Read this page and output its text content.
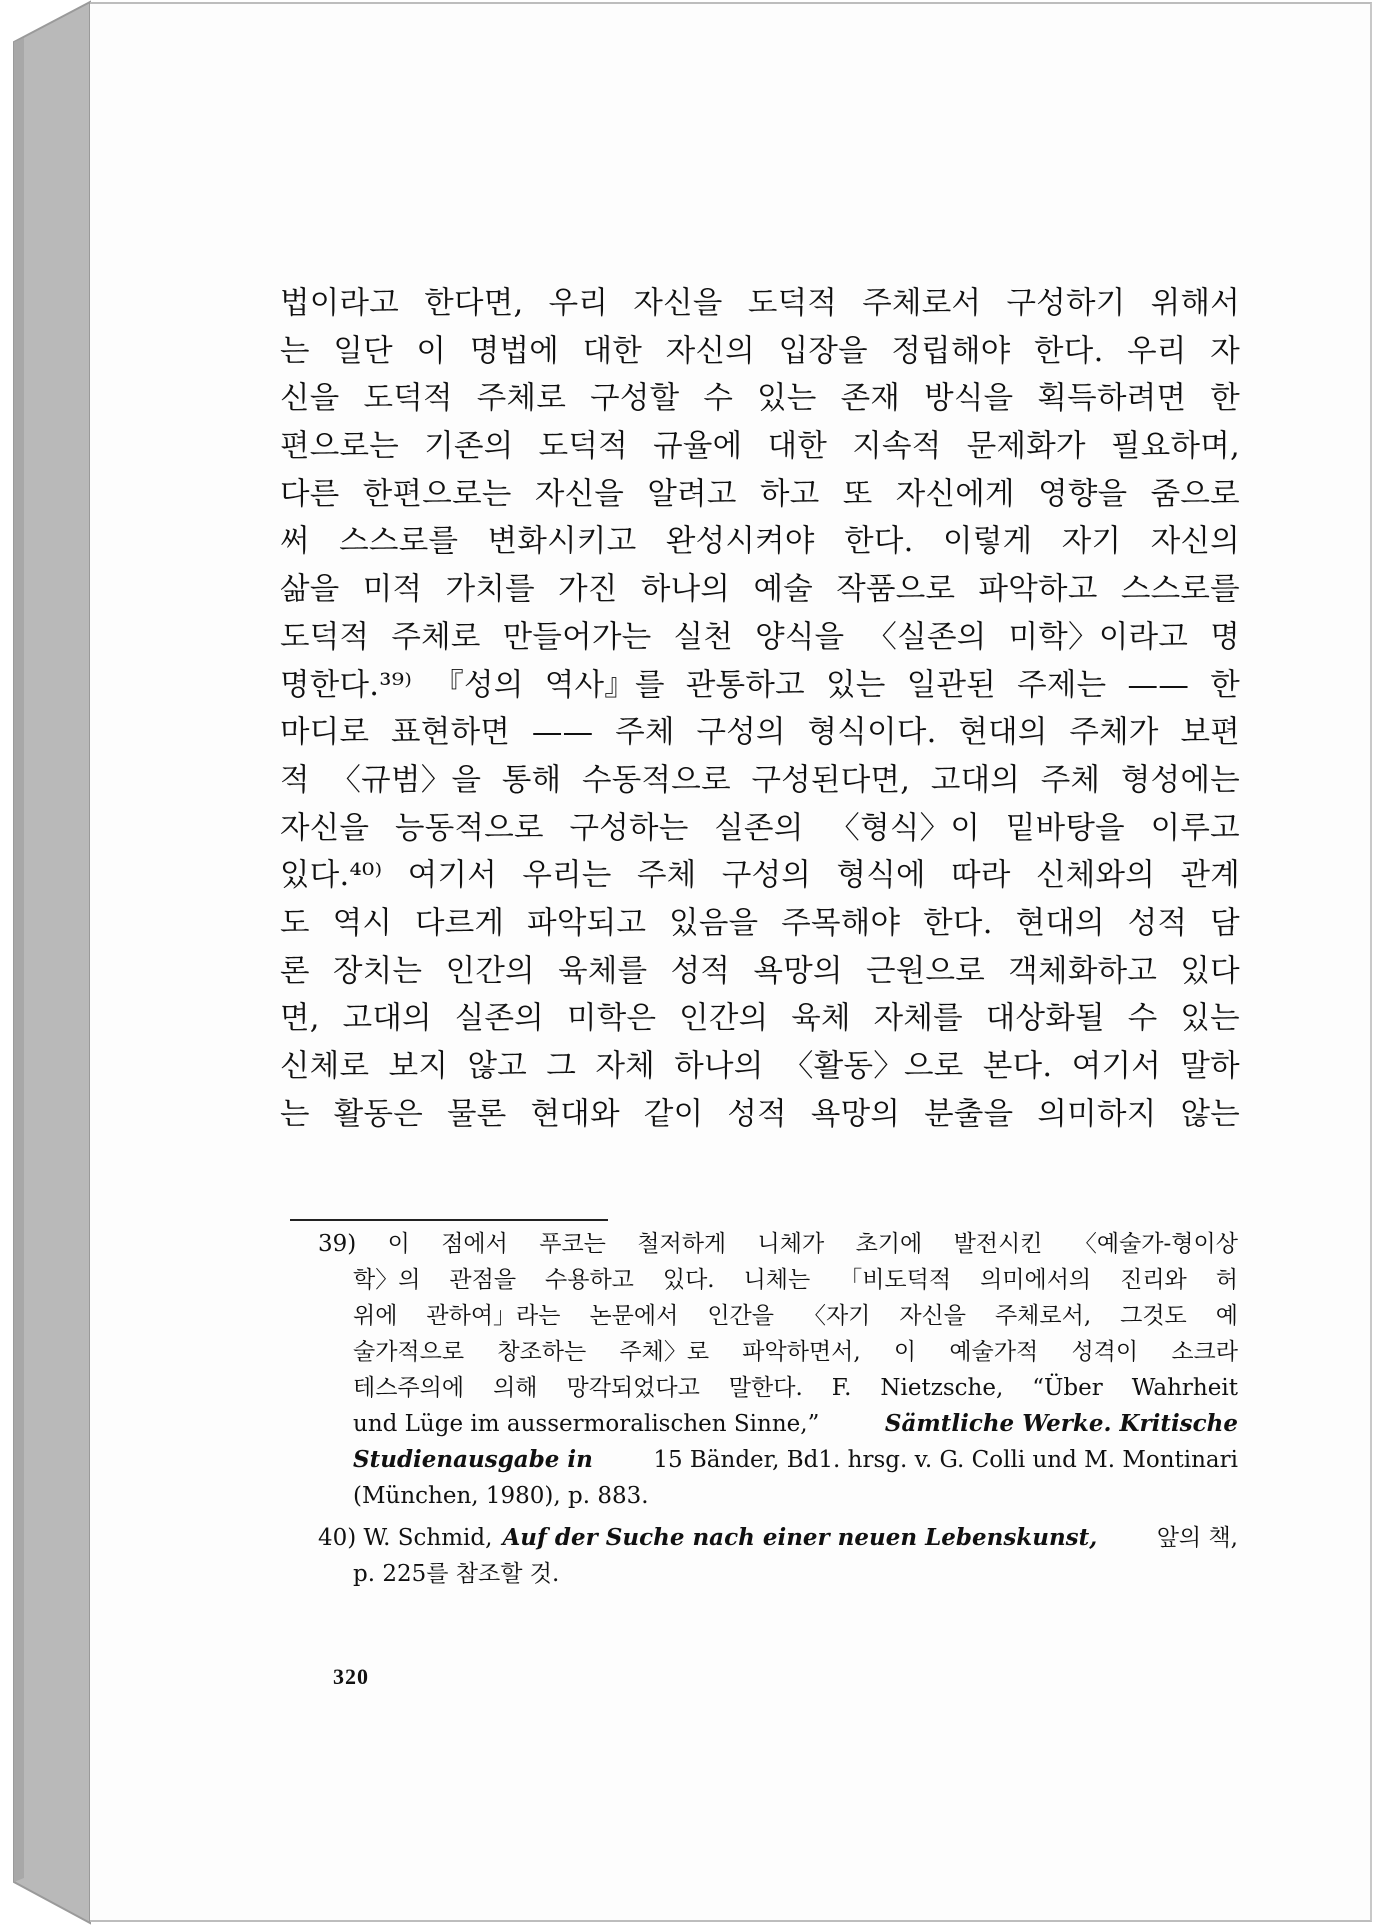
법이라고 한다면, 우리 자신을 도덕적 주체로서 구성하기 위해서
는 일단 이 명법에 대한 자신의 입장을 정립해야 한다. 우리 자
신을 도덕적 주체로 구성할 수 있는 존재 방식을 획득하려면 한
편으로는 기존의 도덕적 규율에 대한 지속적 문제화가 필요하며,
다른 한편으로는 자신을 알려고 하고 또 자신에게 영향을 줌으로
써 스스로를 변화시키고 완성시켜야 한다. 이렇게 자기 자신의
삶을 미적 가치를 가진 하나의 예술 작품으로 파악하고 스스로를
도덕적 주체로 만들어가는 실천 양식을 〈실존의 미학〉이라고 명
명한다.³⁹⁾ 『성의 역사』를 관통하고 있는 일관된 주제는 —— 한
마디로 표현하면 —— 주체 구성의 형식이다. 현대의 주체가 보편
적 〈규범〉을 통해 수동적으로 구성된다면, 고대의 주체 형성에는
자신을 능동적으로 구성하는 실존의 〈형식〉이 밑바탕을 이루고
있다.⁴⁰⁾ 여기서 우리는 주체 구성의 형식에 따라 신체와의 관계
도 역시 다르게 파악되고 있음을 주목해야 한다. 현대의 성적 담
론 장치는 인간의 육체를 성적 욕망의 근원으로 객체화하고 있다
면, 고대의 실존의 미학은 인간의 육체 자체를 대상화될 수 있는
신체로 보지 않고 그 자체 하나의 〈활동〉으로 본다. 여기서 말하
는 활동은 물론 현대와 같이 성적 욕망의 분출을 의미하지 않는
39) 이 점에서 푸코는 철저하게 니체가 초기에 발전시킨 〈예술가-형이상
학〉의 관점을 수용하고 있다. 니체는 「비도덕적 의미에서의 진리와 허
위에 관하여」라는 논문에서 인간을 〈자기 자신을 주체로서, 그것도 예
술가적으로 창조하는 주체〉로 파악하면서, 이 예술가적 성격이 소크라
테스주의에 의해 망각되었다고 말한다. F. Nietzsche, “Über Wahrheit
und Lüge im aussermoralischen Sinne,”	Sämtliche Werke. Kritische
Studienausgabe in	15 Bänder, Bd1. hrsg. v. G. Colli und M. Montinari
(München, 1980), p. 883.
40) W. Schmid, Auf der Suche nach einer neuen Lebenskunst,	앞의 책,
p. 225를 참조할 것.
320
